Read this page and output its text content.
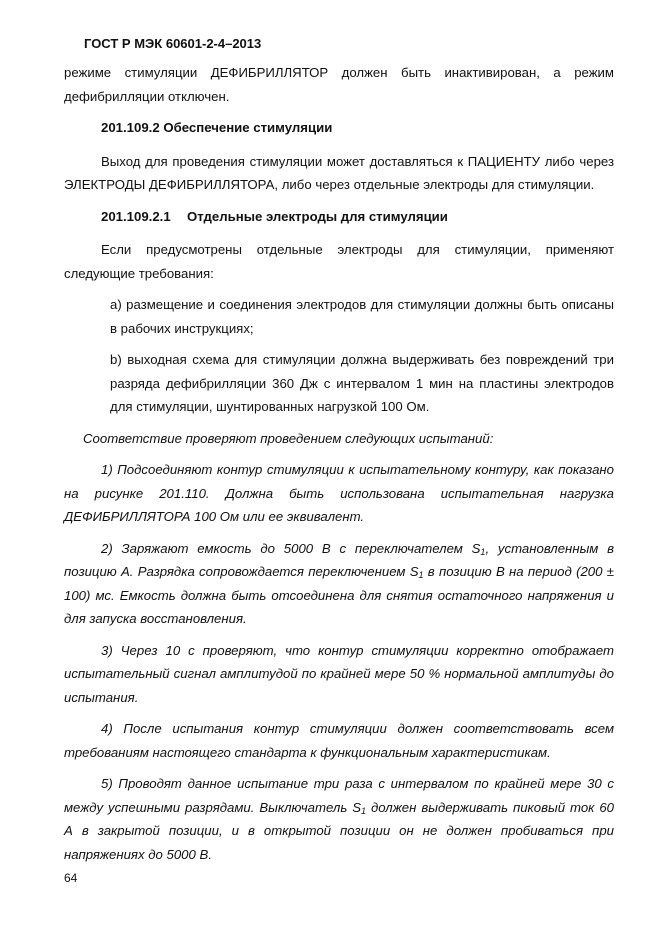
ГОСТ Р МЭК 60601-2-4–2013

режиме стимуляции ДЕФИБРИЛЛЯТОР должен быть инактивирован, а режим дефибрилляции отключен.

201.109.2 Обеспечение стимуляции

Выход для проведения стимуляции может доставляться к ПАЦИЕНТУ либо через ЭЛЕКТРОДЫ ДЕФИБРИЛЛЯТОРА, либо через отдельные электроды для стимуляции.

201.109.2.1 Отдельные электроды для стимуляции

Если предусмотрены отдельные электроды для стимуляции, применяют следующие требования:

а) размещение и соединения электродов для стимуляции должны быть описаны в рабочих инструкциях;

b) выходная схема для стимуляции должна выдерживать без повреждений три разряда дефибрилляции 360 Дж с интервалом 1 мин на пластины электродов для стимуляции, шунтированных нагрузкой 100 Ом.

Соответствие проверяют проведением следующих испытаний:

1) Подсоединяют контур стимуляции к испытательному контуру, как показано на рисунке 201.110. Должна быть использована испытательная нагрузка ДЕФИБРИЛЛЯТОРА 100 Ом или ее эквивалент.

2) Заряжают емкость до 5000 В с переключателем $S_1$, установленным в позицию А. Разрядка сопровождается переключением $S_1$ в позицию В на период (200 ± 100) мс. Емкость должна быть отсоединена для снятия остаточного напряжения и для запуска восстановления.

3) Через 10 с проверяют, что контур стимуляции корректно отображает испытательный сигнал амплитудой по крайней мере 50 % нормальной амплитуды до испытания.

4) После испытания контур стимуляции должен соответствовать всем требованиям настоящего стандарта к функциональным характеристикам.

5) Проводят данное испытание три раза с интервалом по крайней мере 30 с между успешными разрядами. Выключатель $S_1$ должен выдерживать пиковый ток 60 А в закрытой позиции, и в открытой позиции он не должен пробиваться при напряжениях до 5000 В.

64
